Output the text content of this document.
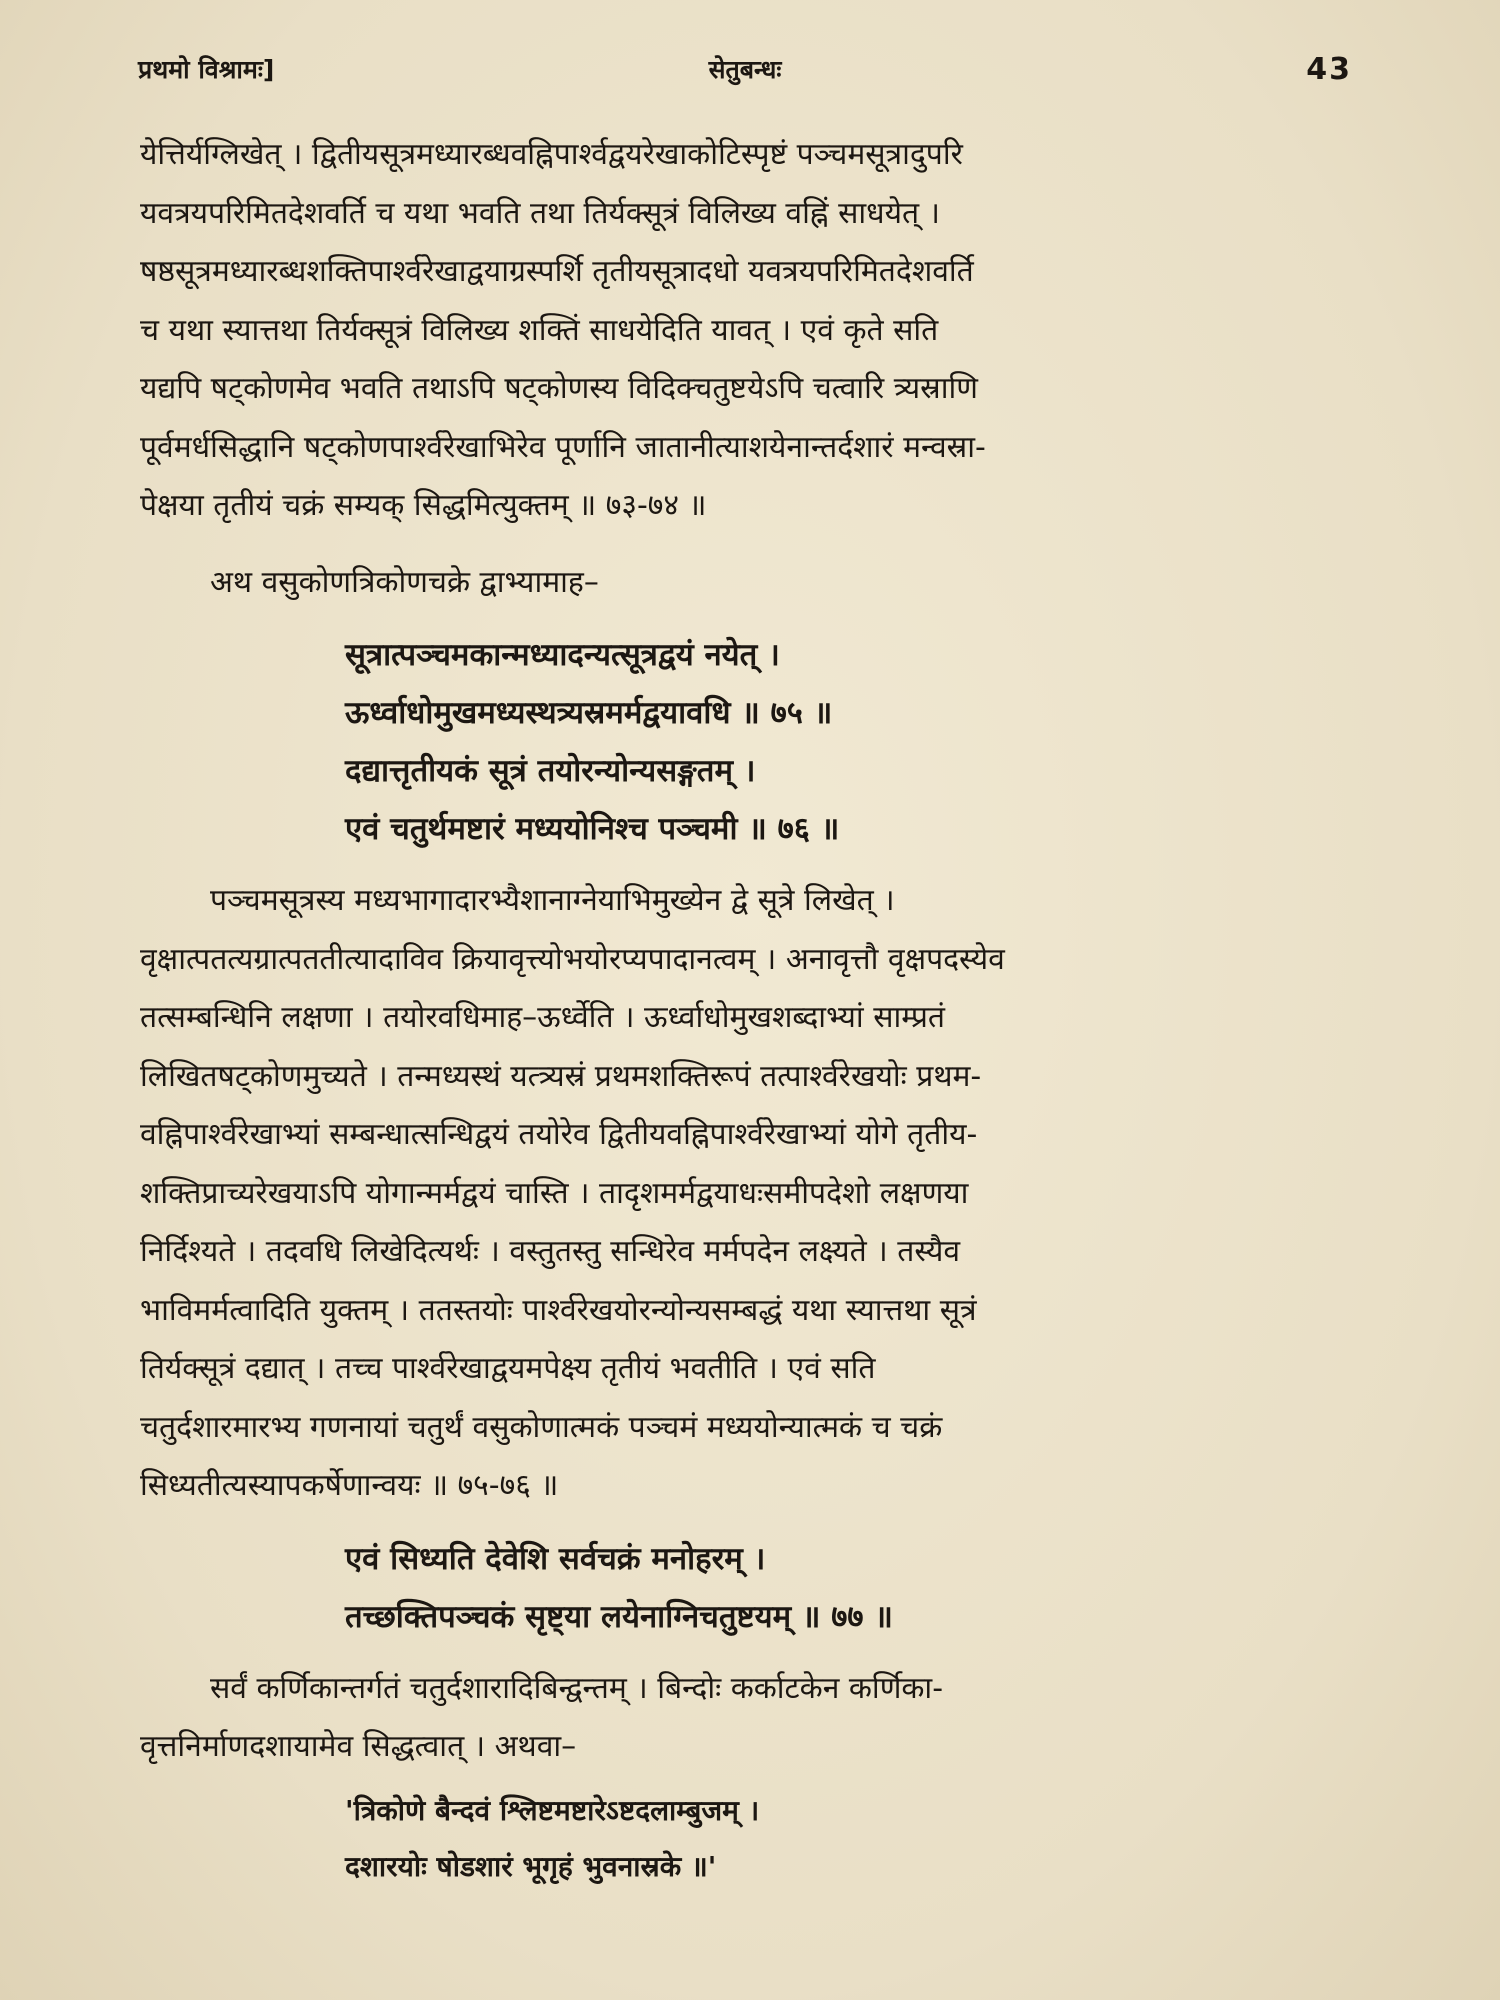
प्रथमो विश्रामः]	सेतुबन्धः	43
येत्तिर्यग्लिखेत् । द्वितीयसूत्रमध्यारब्धवह्निपार्श्वद्वयरेखाकोटिस्पृष्टं पञ्चमसूत्रादुपरि
यवत्रयपरिमितदेशवर्ति च यथा भवति तथा तिर्यक्सूत्रं विलिख्य वह्निं साधयेत् ।
षष्ठसूत्रमध्यारब्धशक्तिपार्श्वरेखाद्वयाग्रस्पर्शि तृतीयसूत्रादधो यवत्रयपरिमितदेशवर्ति
च यथा स्यात्तथा तिर्यक्सूत्रं विलिख्य शक्तिं साधयेदिति यावत् । एवं कृते सति
यद्यपि षट्कोणमेव भवति तथाऽपि षट्कोणस्य विदिक्चतुष्टयेऽपि चत्वारि त्र्यस्राणि
पूर्वमर्धसिद्धानि षट्कोणपार्श्वरेखाभिरेव पूर्णानि जातानीत्याशयेनान्तर्दशारं मन्वस्रा-
पेक्षया तृतीयं चक्रं सम्यक् सिद्धमित्युक्तम् ॥ ७३-७४ ॥
अथ वसुकोणत्रिकोणचक्रे द्वाभ्यामाह–
सूत्रात्पञ्चमकान्मध्यादन्यत्सूत्रद्वयं नयेत् ।
ऊर्ध्वाधोमुखमध्यस्थत्र्यस्रमर्मद्वयावधि ॥ ७५ ॥
दद्यात्तृतीयकं सूत्रं तयोरन्योन्यसङ्गतम् ।
एवं चतुर्थमष्टारं मध्ययोनिश्च पञ्चमी ॥ ७६ ॥
पञ्चमसूत्रस्य मध्यभागादारभ्यैशानाग्नेयाभिमुख्येन द्वे सूत्रे लिखेत् ।
वृक्षात्पतत्यग्रात्पततीत्यादाविव क्रियावृत्त्योभयोरप्यपादानत्वम् । अनावृत्तौ वृक्षपदस्येव
तत्सम्बन्धिनि लक्षणा । तयोरवधिमाह–ऊर्ध्वेति । ऊर्ध्वाधोमुखशब्दाभ्यां साम्प्रतं
लिखितषट्कोणमुच्यते । तन्मध्यस्थं यत्त्र्यस्रं प्रथमशक्तिरूपं तत्पार्श्वरेखयोः प्रथम-
वह्निपार्श्वरेखाभ्यां सम्बन्धात्सन्धिद्वयं तयोरेव द्वितीयवह्निपार्श्वरेखाभ्यां योगे तृतीय-
शक्तिप्राच्यरेखयाऽपि योगान्मर्मद्वयं चास्ति । तादृशमर्मद्वयाधःसमीपदेशो लक्षणया
निर्दिश्यते । तदवधि लिखेदित्यर्थः । वस्तुतस्तु सन्धिरेव मर्मपदेन लक्ष्यते । तस्यैव
भाविमर्मत्वादिति युक्तम् । ततस्तयोः पार्श्वरेखयोरन्योन्यसम्बद्धं यथा स्यात्तथा सूत्रं
तिर्यक्सूत्रं दद्यात् । तच्च पार्श्वरेखाद्वयमपेक्ष्य तृतीयं भवतीति । एवं सति
चतुर्दशारमारभ्य गणनायां चतुर्थं वसुकोणात्मकं पञ्चमं मध्ययोन्यात्मकं च चक्रं
सिध्यतीत्यस्यापकर्षेणान्वयः ॥ ७५-७६ ॥
एवं सिध्यति देवेशि सर्वचक्रं मनोहरम् ।
तच्छक्तिपञ्चकं सृष्ट्या लयेनाग्निचतुष्टयम् ॥ ७७ ॥
सर्वं कर्णिकान्तर्गतं चतुर्दशारादिबिन्द्वन्तम् । बिन्दोः कर्काटकेन कर्णिका-
वृत्तनिर्माणदशायामेव सिद्धत्वात् । अथवा–
'त्रिकोणे बैन्दवं श्लिष्टमष्टारेऽष्टदलाम्बुजम् ।
दशारयोः षोडशारं भूगृहं भुवनास्रके ॥'
